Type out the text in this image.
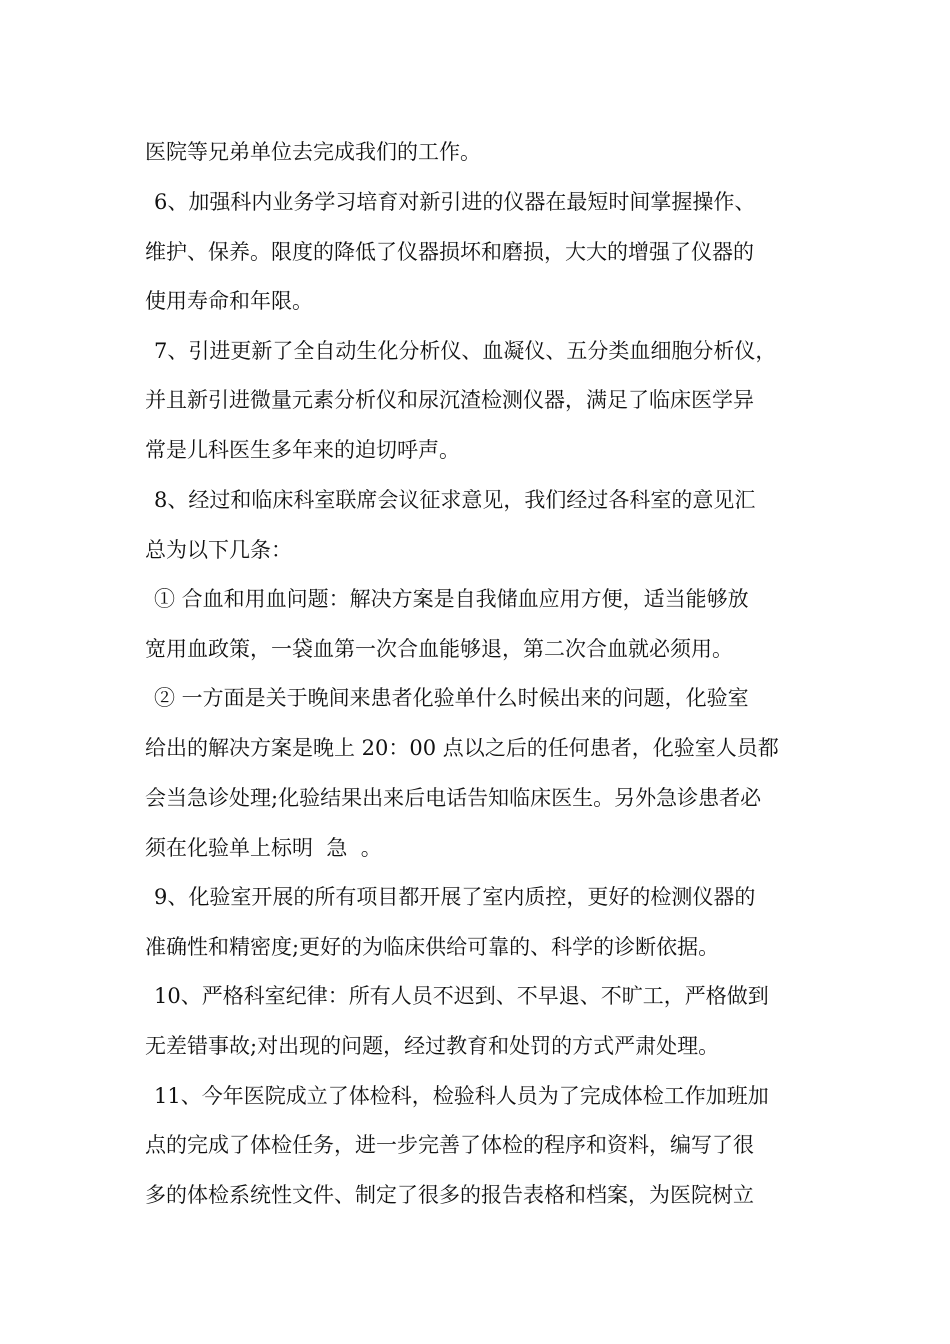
医院等兄弟单位去完成我们的工作。

6、加强科内业务学习培育对新引进的仪器在最短时间掌握操作、

维护、保养。限度的降低了仪器损坏和磨损，大大的增强了仪器的

使用寿命和年限。

7、引进更新了全自动生化分析仪、血凝仪、五分类血细胞分析仪，

并且新引进微量元素分析仪和尿沉渣检测仪器，满足了临床医学异

常是儿科医生多年来的迫切呼声。

8、经过和临床科室联席会议征求意见，我们经过各科室的意见汇

总为以下几条：

① 合血和用血问题：解决方案是自我储血应用方便，适当能够放

宽用血政策，一袋血第一次合血能够退，第二次合血就必须用。

② 一方面是关于晚间来患者化验单什么时候出来的问题，化验室

给出的解决方案是晚上 20：00 点以之后的任何患者，化验室人员都

会当急诊处理;化验结果出来后电话告知临床医生。另外急诊患者必

须在化验单上标明  急  。

9、化验室开展的所有项目都开展了室内质控，更好的检测仪器的

准确性和精密度;更好的为临床供给可靠的、科学的诊断依据。

10、严格科室纪律：所有人员不迟到、不早退、不旷工，严格做到

无差错事故;对出现的问题，经过教育和处罚的方式严肃处理。

11、今年医院成立了体检科，检验科人员为了完成体检工作加班加

点的完成了体检任务，进一步完善了体检的程序和资料，编写了很

多的体检系统性文件、制定了很多的报告表格和档案，为医院树立
